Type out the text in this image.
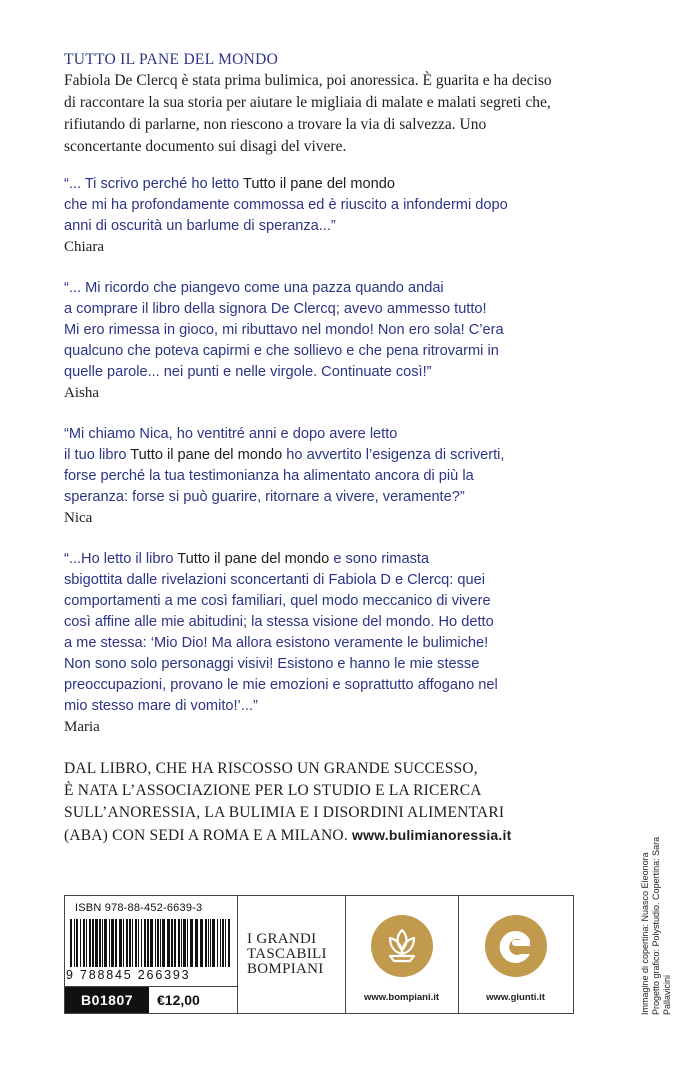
TUTTO IL PANE DEL MONDO

Fabiola De Clercq è stata prima bulimica, poi anoressica. È guarita e ha deciso di raccontare la sua storia per aiutare le migliaia di malate e malati segreti che, rifiutando di parlarne, non riescono a trovare la via di salvezza. Uno sconcertante documento sui disagi del vivere.

“... Ti scrivo perché ho letto Tutto il pane del mondo
che mi ha profondamente commossa ed è riuscito a infondermi dopo
anni di oscurità un barlume di speranza...”

Chiara

“... Mi ricordo che piangevo come una pazza quando andai
a comprare il libro della signora De Clercq; avevo ammesso tutto!
Mi ero rimessa in gioco, mi ributtavo nel mondo! Non ero sola! C’era
qualcuno che poteva capirmi e che sollievo e che pena ritrovarmi in
quelle parole... nei punti e nelle virgole. Continuate così!”

Aisha

“Mi chiamo Nica, ho ventitré anni e dopo avere letto
il tuo libro Tutto il pane del mondo ho avvertito l’esigenza di scriverti,
forse perché la tua testimonianza ha alimentato ancora di più la
speranza: forse si può guarire, ritornare a vivere, veramente?”

Nica

“...Ho letto il libro Tutto il pane del mondo e sono rimasta
sbigottita dalle rivelazioni sconcertanti di Fabiola D e Clercq: quei
comportamenti a me così familiari, quel modo meccanico di vivere
così affine alle mie abitudini; la stessa visione del mondo. Ho detto
a me stessa: ‘Mio Dio! Ma allora esistono veramente le bulimiche!
Non sono solo personaggi visivi! Esistono e hanno le mie stesse
preoccupazioni, provano le mie emozioni e soprattutto affogano nel
mio stesso mare di vomito!’...”

Maria

DAL LIBRO, CHE HA RISCOSSO UN GRANDE SUCCESSO,
È NATA L’ASSOCIAZIONE PER LO STUDIO E LA RICERCA
SULL’ANORESSIA, LA BULIMIA E I DISORDINI ALIMENTARI
(ABA) CON SEDI A ROMA E A MILANO. www.bulimianoressia.it

Immagine di copertina: Nuasco Eleonora Progetto grafico: Polystudio. Copertina: Sara Pallavicini
ISBN 978-88-452-6639-3
9 788845 266393
B01807	€12,00
I GRANDI
TASCABILI
BOMPIANI
www.bompiani.it	www.giunti.it
